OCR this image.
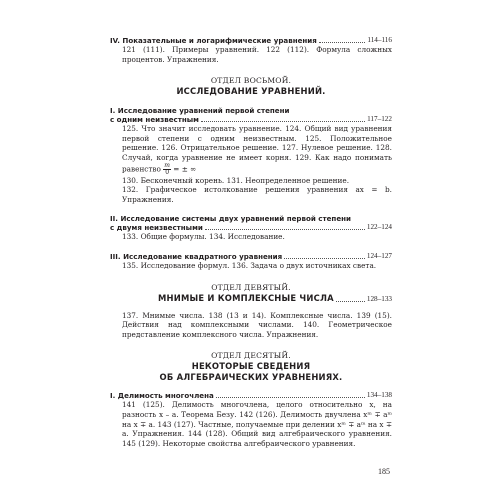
IV. Показательные и логарифмические уравнения	114–116

121 (111). Примеры уравнений. 122 (112). Формула сложных процентов. Упражнения.

ОТДЕЛ ВОСЬМОЙ.
ИССЛЕДОВАНИЕ УРАВНЕНИЙ.
I. Исследование уравнений первой степени
с одним неизвестным	117–122

125. Что значит исследовать уравнение. 124. Общий вид уравнения первой степени с одним неизвестным. 125. Положительное решение. 126. Отрицательное решение. 127. Нулевое решение. 128. Случай, когда уравнение не имеет корня. 129. Как надо понимать равенство $\frac{m}{0}$ = ± ∞

130. Бесконечный корень. 131. Неопределенное решение.

132. Графическое истолкование решения уравнения ax = b. Упражнения.

II. Исследование системы двух уравнений первой степени
с двумя неизвестными	122–124

133. Общие формулы. 134. Исследование.

III. Исследование квадратного уравнения	124–127

135. Исследование формул. 136. Задача о двух источниках света.

ОТДЕЛ ДЕВЯТЫЙ.
МНИМЫЕ И КОМПЛЕКСНЫЕ ЧИСЛА	128–133

137. Мнимые числа. 138 (13 и 14). Комплексные числа. 139 (15). Действия над комплексными числами. 140. Геометрическое представление комплексного числа. Упражнения.

ОТДЕЛ ДЕСЯТЫЙ.
НЕКОТОРЫЕ СВЕДЕНИЯ
ОБ АЛГЕБРАИЧЕСКИХ УРАВНЕНИЯХ.
I. Делимость многочлена	134–138

141 (125). Делимость многочлена, целого относительно x, на разность x – a. Теорема Безу. 142 (126). Делимость двучлена xᵐ ∓ aᵐ на x ∓ a. 143 (127). Частные, получаемые при делении xᵐ ∓ aᵐ на x ∓ a. Упражнения. 144 (128). Общий вид алгебраического уравнения. 145 (129). Некоторые свойства алгебраического уравнения.

185
